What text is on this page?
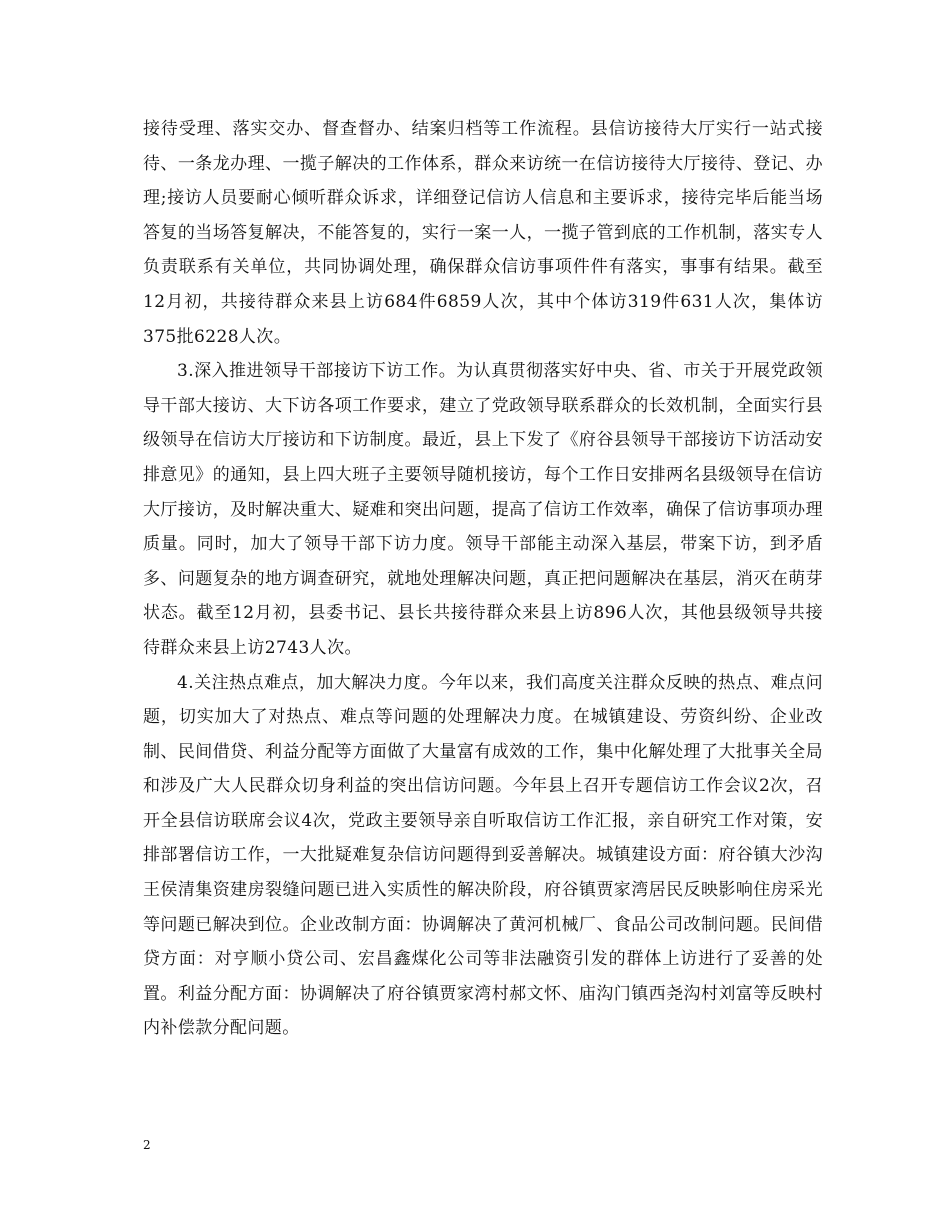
接待受理、落实交办、督查督办、结案归档等工作流程。县信访接待大厅实行一站式接待、一条龙办理、一揽子解决的工作体系，群众来访统一在信访接待大厅接待、登记、办理;接访人员要耐心倾听群众诉求，详细登记信访人信息和主要诉求，接待完毕后能当场答复的当场答复解决，不能答复的，实行一案一人，一揽子管到底的工作机制，落实专人负责联系有关单位，共同协调处理，确保群众信访事项件件有落实，事事有结果。截至12月初，共接待群众来县上访684件6859人次，其中个体访319件631人次，集体访375批6228人次。

3.深入推进领导干部接访下访工作。为认真贯彻落实好中央、省、市关于开展党政领导干部大接访、大下访各项工作要求，建立了党政领导联系群众的长效机制，全面实行县级领导在信访大厅接访和下访制度。最近，县上下发了《府谷县领导干部接访下访活动安排意见》的通知，县上四大班子主要领导随机接访，每个工作日安排两名县级领导在信访大厅接访，及时解决重大、疑难和突出问题，提高了信访工作效率，确保了信访事项办理质量。同时，加大了领导干部下访力度。领导干部能主动深入基层，带案下访，到矛盾多、问题复杂的地方调查研究，就地处理解决问题，真正把问题解决在基层，消灭在萌芽状态。截至12月初，县委书记、县长共接待群众来县上访896人次，其他县级领导共接待群众来县上访2743人次。

4.关注热点难点，加大解决力度。今年以来，我们高度关注群众反映的热点、难点问题，切实加大了对热点、难点等问题的处理解决力度。在城镇建设、劳资纠纷、企业改制、民间借贷、利益分配等方面做了大量富有成效的工作，集中化解处理了大批事关全局和涉及广大人民群众切身利益的突出信访问题。今年县上召开专题信访工作会议2次，召开全县信访联席会议4次，党政主要领导亲自听取信访工作汇报，亲自研究工作对策，安排部署信访工作，一大批疑难复杂信访问题得到妥善解决。城镇建设方面：府谷镇大沙沟王侯清集资建房裂缝问题已进入实质性的解决阶段，府谷镇贾家湾居民反映影响住房采光等问题已解决到位。企业改制方面：协调解决了黄河机械厂、食品公司改制问题。民间借贷方面：对亨顺小贷公司、宏昌鑫煤化公司等非法融资引发的群体上访进行了妥善的处置。利益分配方面：协调解决了府谷镇贾家湾村郝文怀、庙沟门镇西尧沟村刘富等反映村内补偿款分配问题。

2
